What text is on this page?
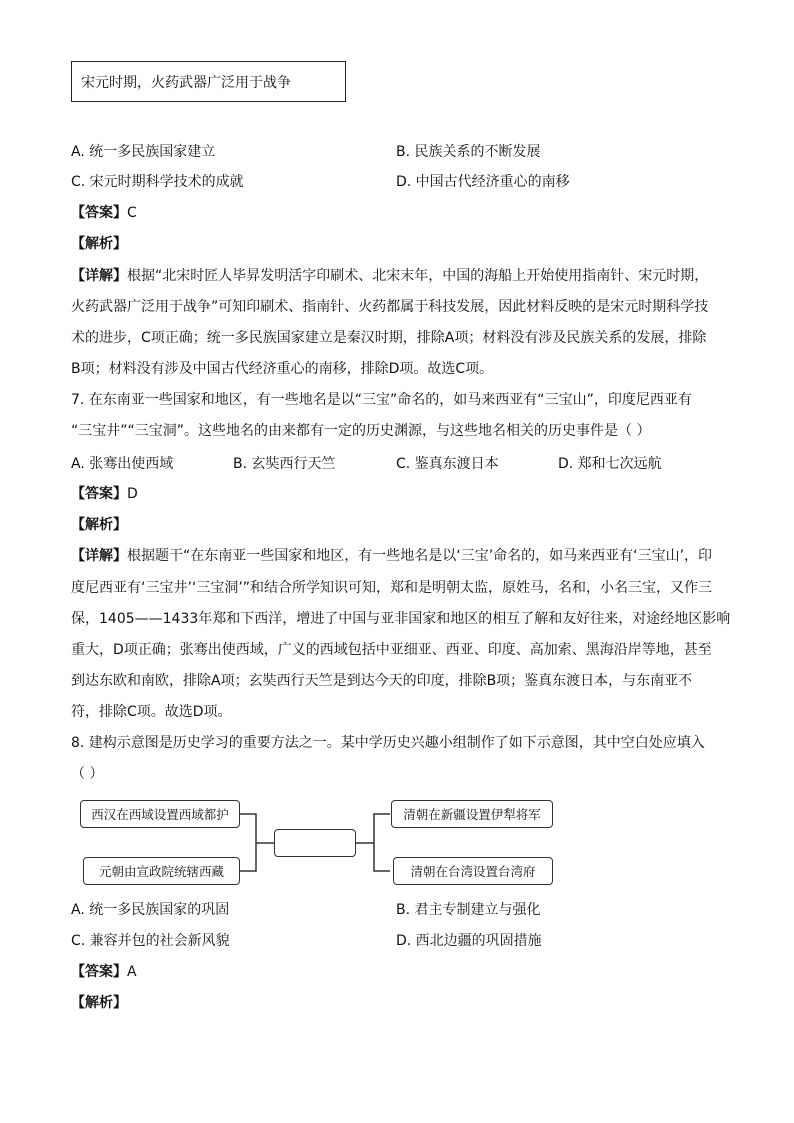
宋元时期，火药武器广泛用于战争
A. 统一多民族国家建立	B. 民族关系的不断发展
C. 宋元时期科学技术的成就	D. 中国古代经济重心的南移
【答案】C
【解析】
【详解】根据“北宋时匠人毕昇发明活字印刷术、北宋末年，中国的海船上开始使用指南针、宋元时期，
火药武器广泛用于战争”可知印刷术、指南针、火药都属于科技发展，因此材料反映的是宋元时期科学技
术的进步，C项正确；统一多民族国家建立是秦汉时期，排除A项；材料没有涉及民族关系的发展，排除
B项；材料没有涉及中国古代经济重心的南移，排除D项。故选C项。
7. 在东南亚一些国家和地区，有一些地名是以“三宝”命名的，如马来西亚有“三宝山”，印度尼西亚有
“三宝井”“三宝洞”。这些地名的由来都有一定的历史渊源，与这些地名相关的历史事件是（ ）
A. 张骞出使西域	B. 玄奘西行天竺	C. 鉴真东渡日本	D. 郑和七次远航
【答案】D
【解析】
【详解】根据题干“在东南亚一些国家和地区，有一些地名是以‘三宝’命名的，如马来西亚有‘三宝山’，印
度尼西亚有‘三宝井’‘三宝洞’”和结合所学知识可知，郑和是明朝太监，原姓马，名和，小名三宝，又作三
保，1405——1433年郑和下西洋，增进了中国与亚非国家和地区的相互了解和友好往来，对途经地区影响
重大，D项正确；张骞出使西域，广义的西域包括中亚细亚、西亚、印度、高加索、黑海沿岸等地，甚至
到达东欧和南欧，排除A项；玄奘西行天竺是到达今天的印度，排除B项；鉴真东渡日本，与东南亚不
符，排除C项。故选D项。
8. 建构示意图是历史学习的重要方法之一。某中学历史兴趣小组制作了如下示意图，其中空白处应填入
（ ）
西汉在西域设置西域都护
元朝由宣政院统辖西藏
清朝在新疆设置伊犁将军
清朝在台湾设置台湾府
A. 统一多民族国家的巩固	B. 君主专制建立与强化
C. 兼容并包的社会新风貌	D. 西北边疆的巩固措施
【答案】A
【解析】
